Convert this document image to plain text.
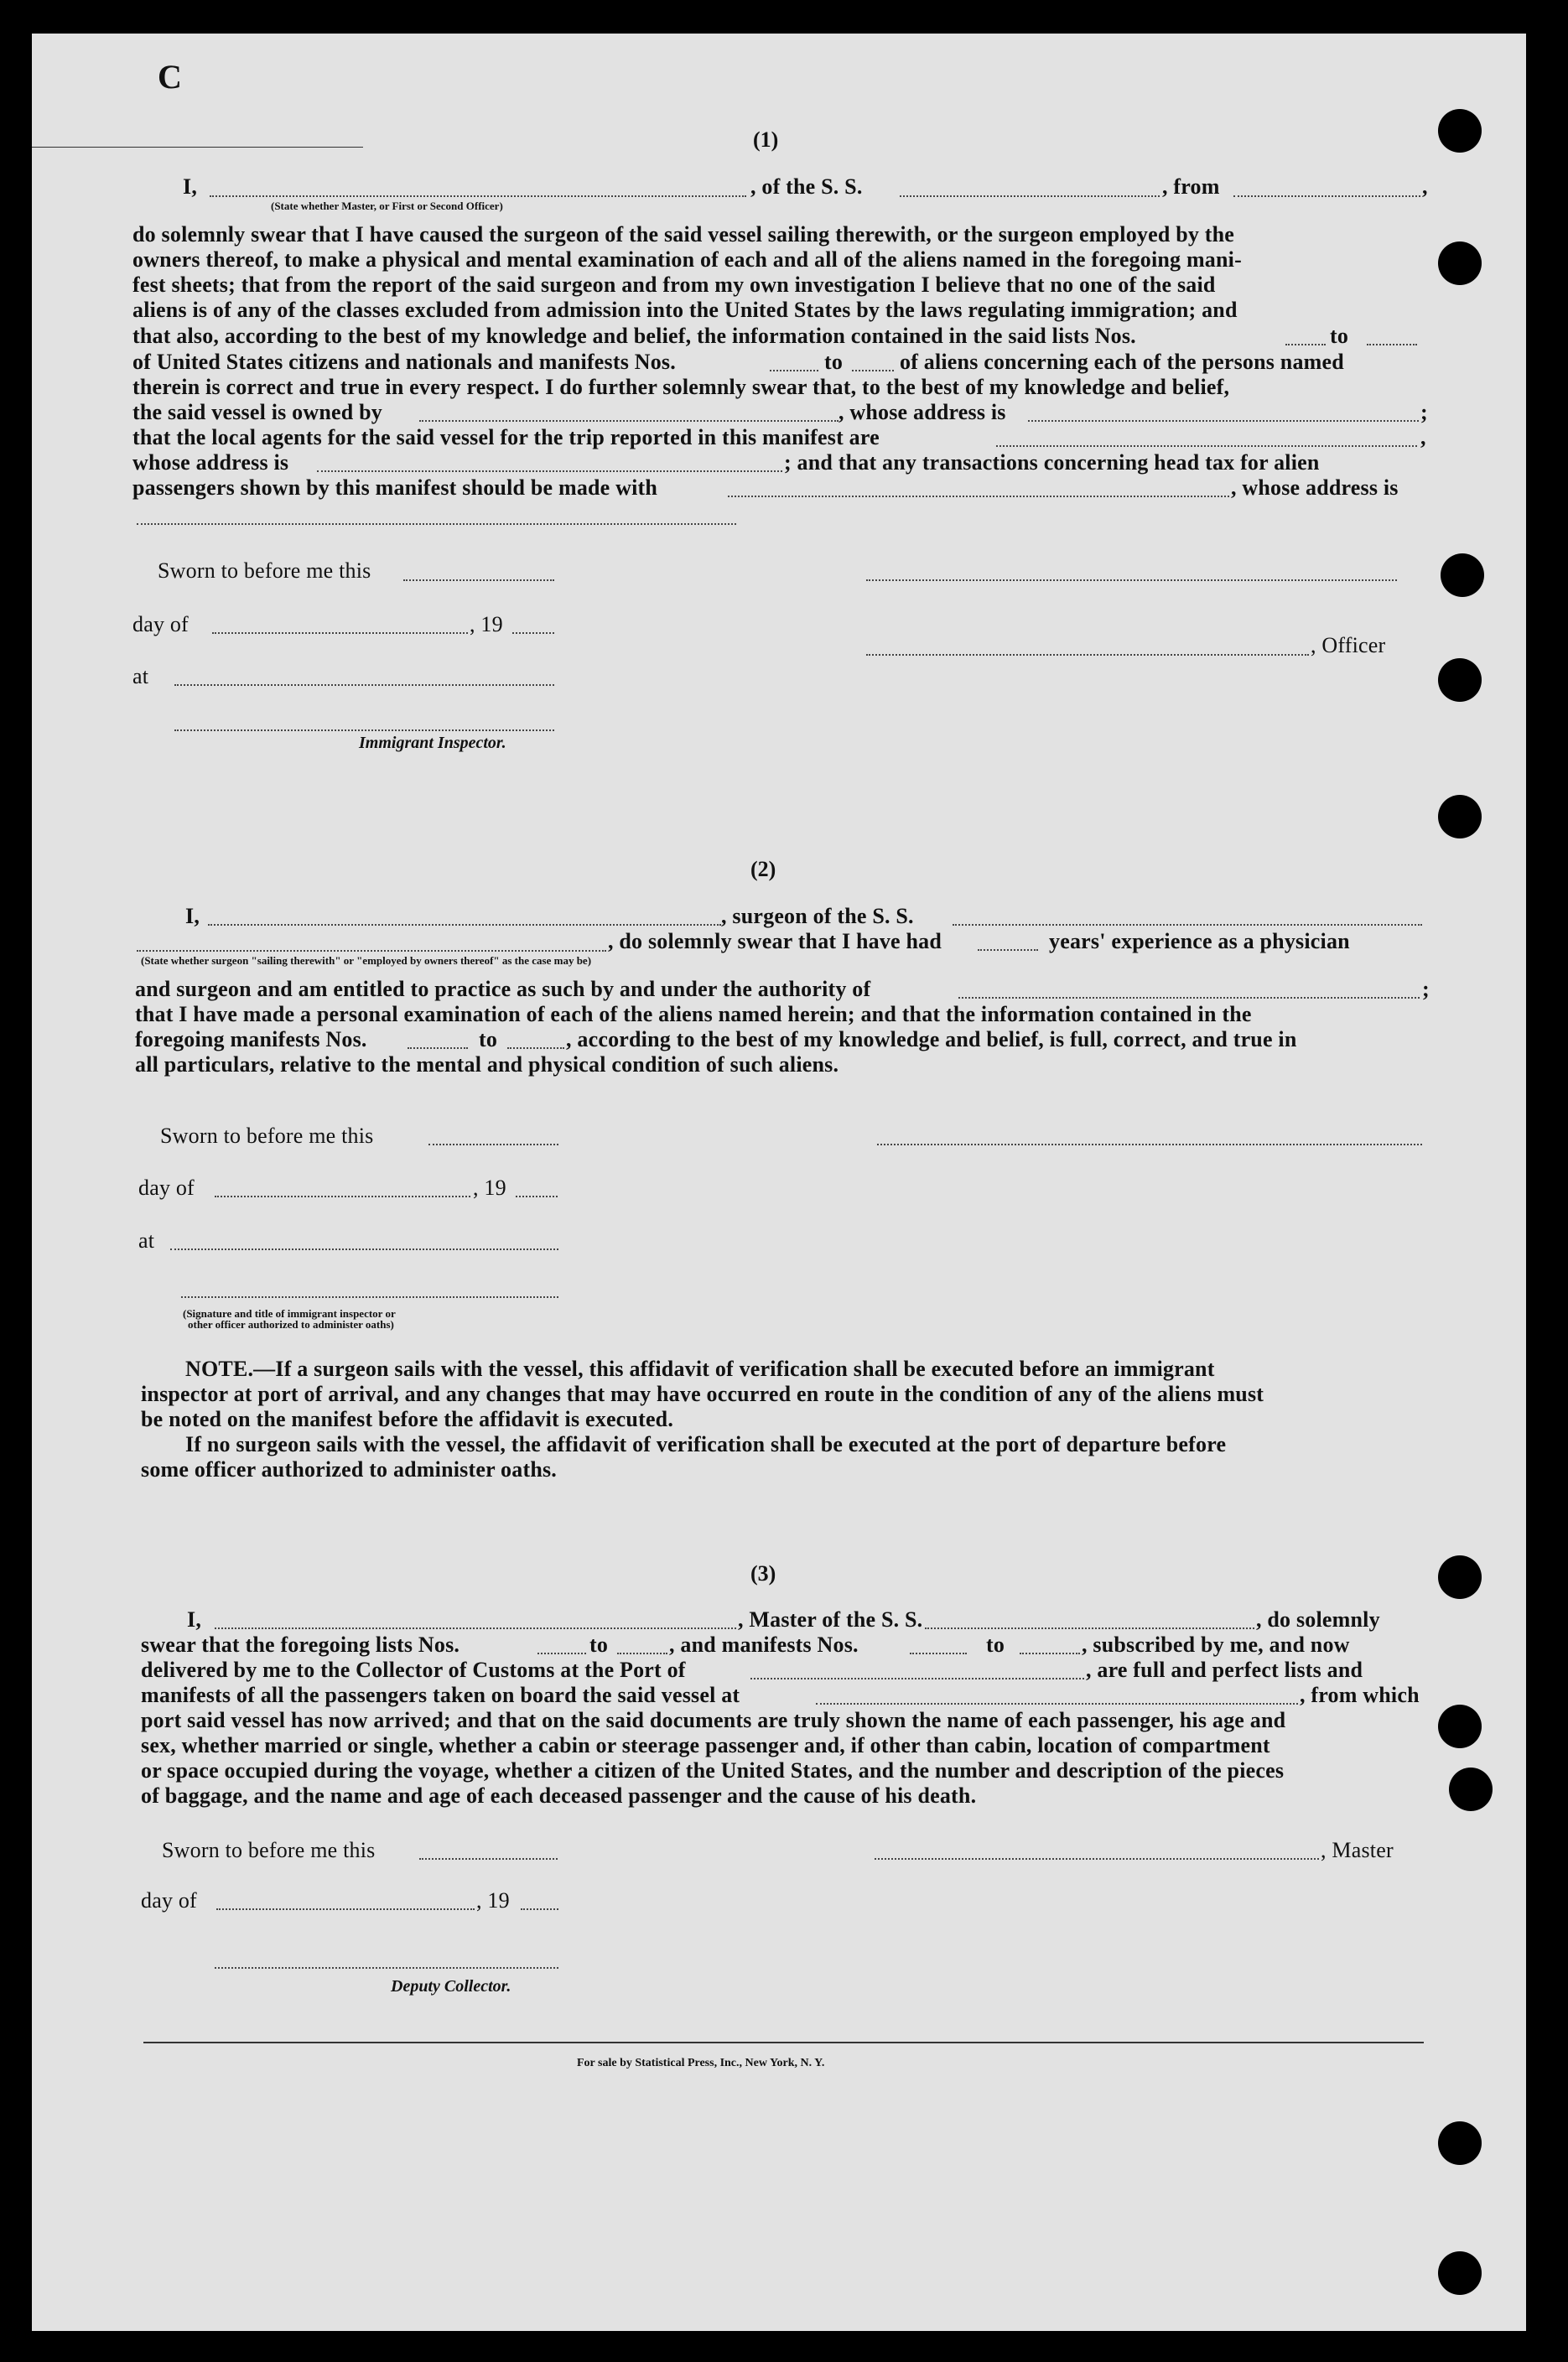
C
(1)
I,
(State whether Master, or First or Second Officer)
, of the S. S.	, from	,
do solemnly swear that I have caused the surgeon of the said vessel sailing therewith, or the surgeon employed by the
owners thereof, to make a physical and mental examination of each and all of the aliens named in the foregoing mani-
fest sheets; that from the report of the said surgeon and from my own investigation I believe that no one of the said
aliens is of any of the classes excluded from admission into the United States by the laws regulating immigration; and
that also, according to the best of my knowledge and belief, the information contained in the said lists Nos.	to
of United States citizens and nationals and manifests Nos.	to	of aliens concerning each of the persons named
therein is correct and true in every respect. I do further solemnly swear that, to the best of my knowledge and belief,
the said vessel is owned by	, whose address is	;
that the local agents for the said vessel for the trip reported in this manifest are	,
whose address is	; and that any transactions concerning head tax for alien
passengers shown by this manifest should be made with	, whose address is
Sworn to before me this
day of	, 19
, Officer
at
Immigrant Inspector.
(2)
I,	, surgeon of the S. S.
(State whether surgeon "sailing therewith" or "employed by owners thereof" as the case may be)
, do solemnly swear that I have had	years' experience as a physician
and surgeon and am entitled to practice as such by and under the authority of	;
that I have made a personal examination of each of the aliens named herein; and that the information contained in the
foregoing manifests Nos.	to	, according to the best of my knowledge and belief, is full, correct, and true in
all particulars, relative to the mental and physical condition of such aliens.
Sworn to before me this
day of	, 19
at
(Signature and title of immigrant inspector or
other officer authorized to administer oaths)
NOTE.—If a surgeon sails with the vessel, this affidavit of verification shall be executed before an immigrant
inspector at port of arrival, and any changes that may have occurred en route in the condition of any of the aliens must
be noted on the manifest before the affidavit is executed.
If no surgeon sails with the vessel, the affidavit of verification shall be executed at the port of departure before
some officer authorized to administer oaths.
(3)
I,	, Master of the S. S.	, do solemnly
swear that the foregoing lists Nos.	to	, and manifests Nos.	to	, subscribed by me, and now
delivered by me to the Collector of Customs at the Port of	, are full and perfect lists and
manifests of all the passengers taken on board the said vessel at	, from which
port said vessel has now arrived; and that on the said documents are truly shown the name of each passenger, his age and
sex, whether married or single, whether a cabin or steerage passenger and, if other than cabin, location of compartment
or space occupied during the voyage, whether a citizen of the United States, and the number and description of the pieces
of baggage, and the name and age of each deceased passenger and the cause of his death.
Sworn to before me this	, Master
day of	, 19
Deputy Collector.
For sale by Statistical Press, Inc., New York, N. Y.
